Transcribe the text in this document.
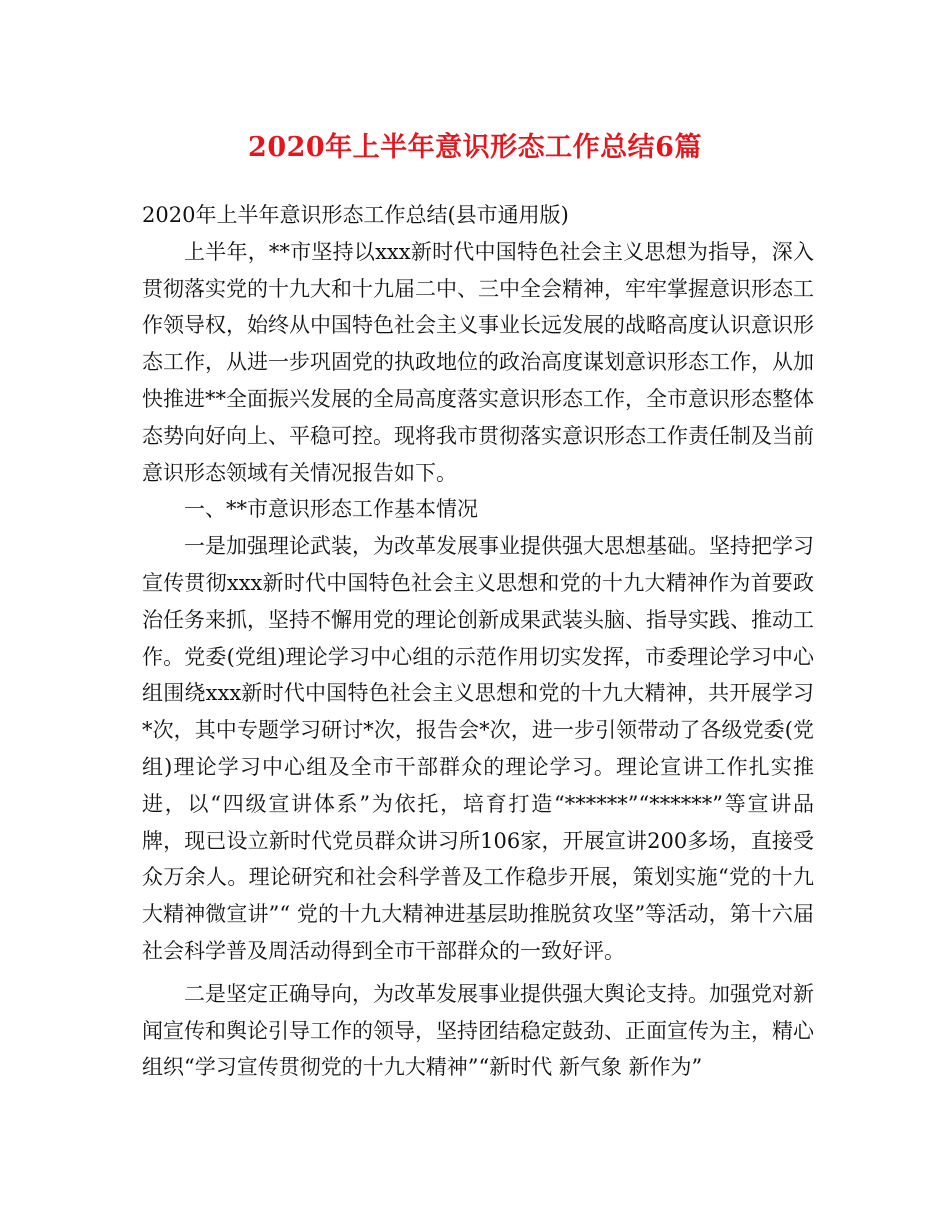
2020年上半年意识形态工作总结6篇

2020年上半年意识形态工作总结(县市通用版)

上半年，**市坚持以xxx新时代中国特色社会主义思想为指导，深入贯彻落实党的十九大和十九届二中、三中全会精神，牢牢掌握意识形态工作领导权，始终从中国特色社会主义事业长远发展的战略高度认识意识形态工作，从进一步巩固党的执政地位的政治高度谋划意识形态工作，从加快推进**全面振兴发展的全局高度落实意识形态工作，全市意识形态整体态势向好向上、平稳可控。现将我市贯彻落实意识形态工作责任制及当前意识形态领域有关情况报告如下。

一、**市意识形态工作基本情况

一是加强理论武装，为改革发展事业提供强大思想基础。坚持把学习宣传贯彻xxx新时代中国特色社会主义思想和党的十九大精神作为首要政治任务来抓，坚持不懈用党的理论创新成果武装头脑、指导实践、推动工作。党委(党组)理论学习中心组的示范作用切实发挥，市委理论学习中心组围绕xxx新时代中国特色社会主义思想和党的十九大精神，共开展学习*次，其中专题学习研讨*次，报告会*次，进一步引领带动了各级党委(党组)理论学习中心组及全市干部群众的理论学习。理论宣讲工作扎实推进，以“四级宣讲体系”为依托，培育打造“******”“******”等宣讲品牌，现已设立新时代党员群众讲习所106家，开展宣讲200多场，直接受众万余人。理论研究和社会科学普及工作稳步开展，策划实施“党的十九大精神微宣讲”“ 党的十九大精神进基层助推脱贫攻坚”等活动，第十六届社会科学普及周活动得到全市干部群众的一致好评。

二是坚定正确导向，为改革发展事业提供强大舆论支持。加强党对新闻宣传和舆论引导工作的领导，坚持团结稳定鼓劲、正面宣传为主，精心组织“学习宣传贯彻党的十九大精神”“新时代 新气象 新作为”
